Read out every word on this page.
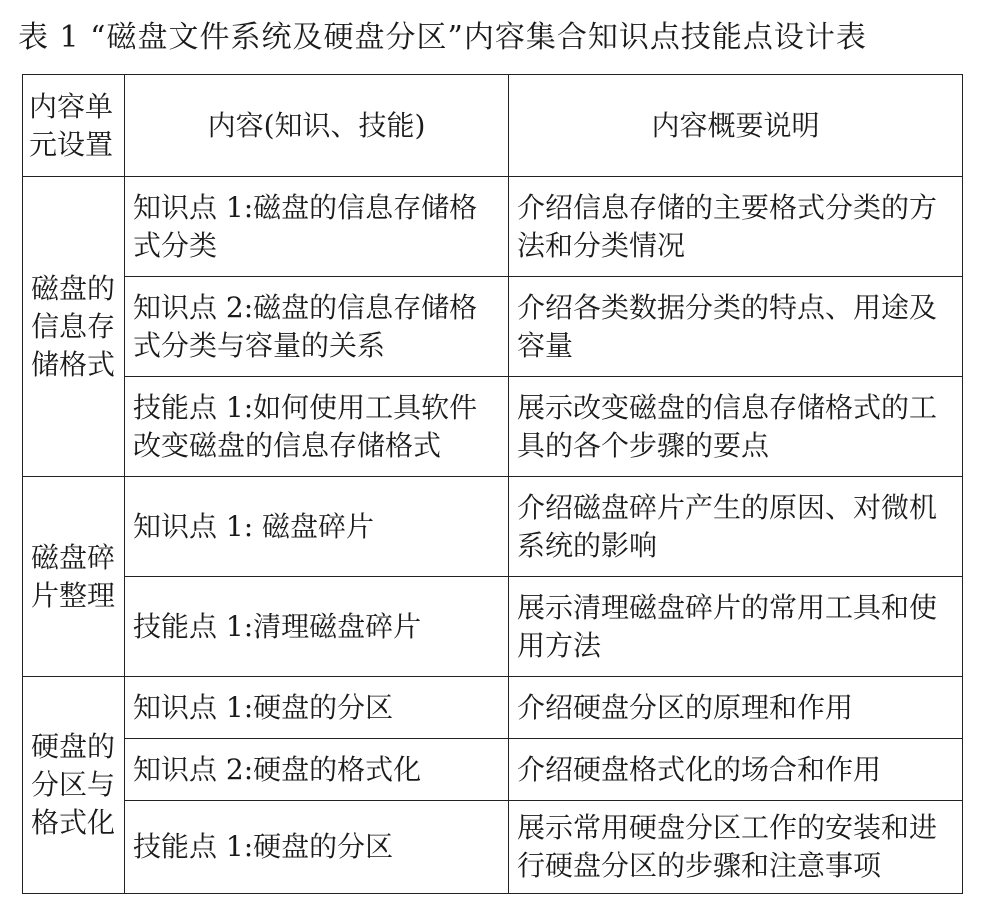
表 1 “磁盘文件系统及硬盘分区”内容集合知识点技能点设计表
内容单元设置	内容(知识、技能)	内容概要说明
磁盘的信息存储格式	知识点 1:磁盘的信息存储格式分类	介绍信息存储的主要格式分类的方法和分类情况
	知识点 2:磁盘的信息存储格式分类与容量的关系	介绍各类数据分类的特点、用途及容量
	技能点 1:如何使用工具软件改变磁盘的信息存储格式	展示改变磁盘的信息存储格式的工具的各个步骤的要点
磁盘碎片整理	知识点 1: 磁盘碎片	介绍磁盘碎片产生的原因、对微机系统的影响
	技能点 1:清理磁盘碎片	展示清理磁盘碎片的常用工具和使用方法
硬盘的分区与格式化	知识点 1:硬盘的分区	介绍硬盘分区的原理和作用
	知识点 2:硬盘的格式化	介绍硬盘格式化的场合和作用
	技能点 1:硬盘的分区	展示常用硬盘分区工作的安装和进行硬盘分区的步骤和注意事项
